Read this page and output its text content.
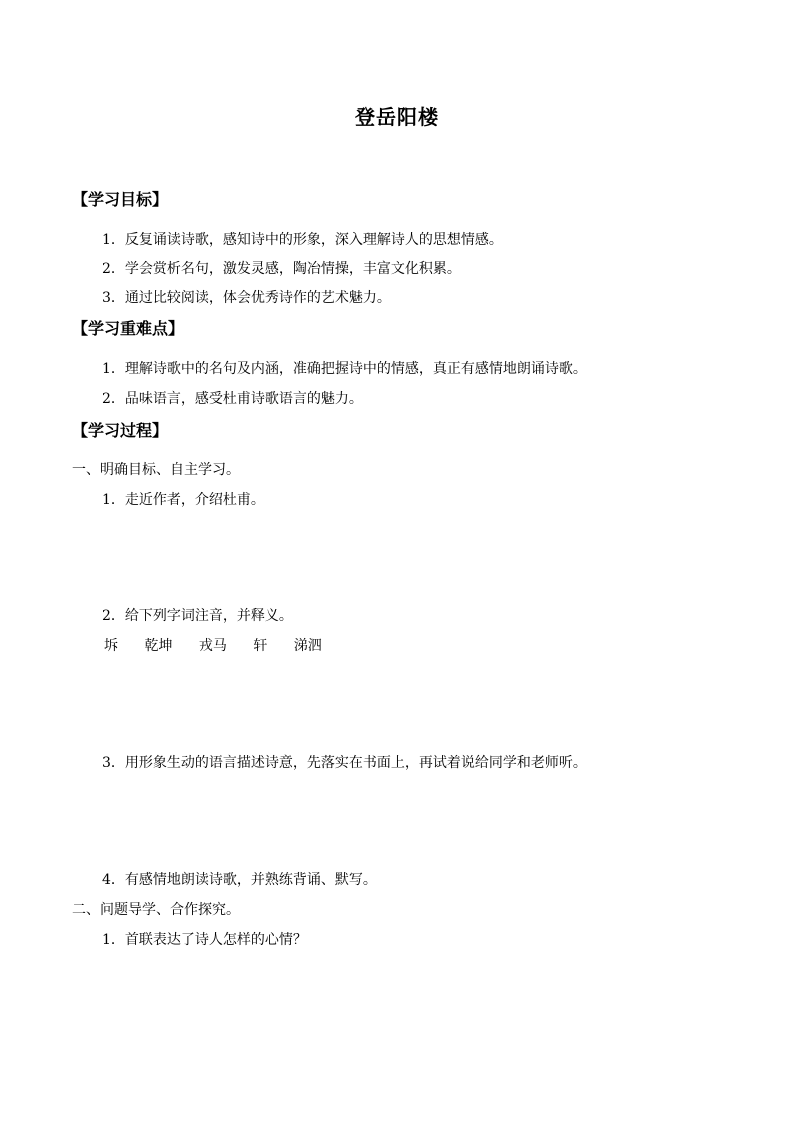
登岳阳楼
【学习目标】
1．反复诵读诗歌，感知诗中的形象，深入理解诗人的思想情感。
2．学会赏析名句，激发灵感，陶冶情操，丰富文化积累。
3．通过比较阅读，体会优秀诗作的艺术魅力。
【学习重难点】
1．理解诗歌中的名句及内涵，准确把握诗中的情感，真正有感情地朗诵诗歌。
2．品味语言，感受杜甫诗歌语言的魅力。
【学习过程】
一、明确目标、自主学习。
1．走近作者，介绍杜甫。
2．给下列字词注音，并释义。
坼 乾坤 戎马 轩 涕泗
3．用形象生动的语言描述诗意，先落实在书面上，再试着说给同学和老师听。
4．有感情地朗读诗歌，并熟练背诵、默写。
二、问题导学、合作探究。
1．首联表达了诗人怎样的心情？
